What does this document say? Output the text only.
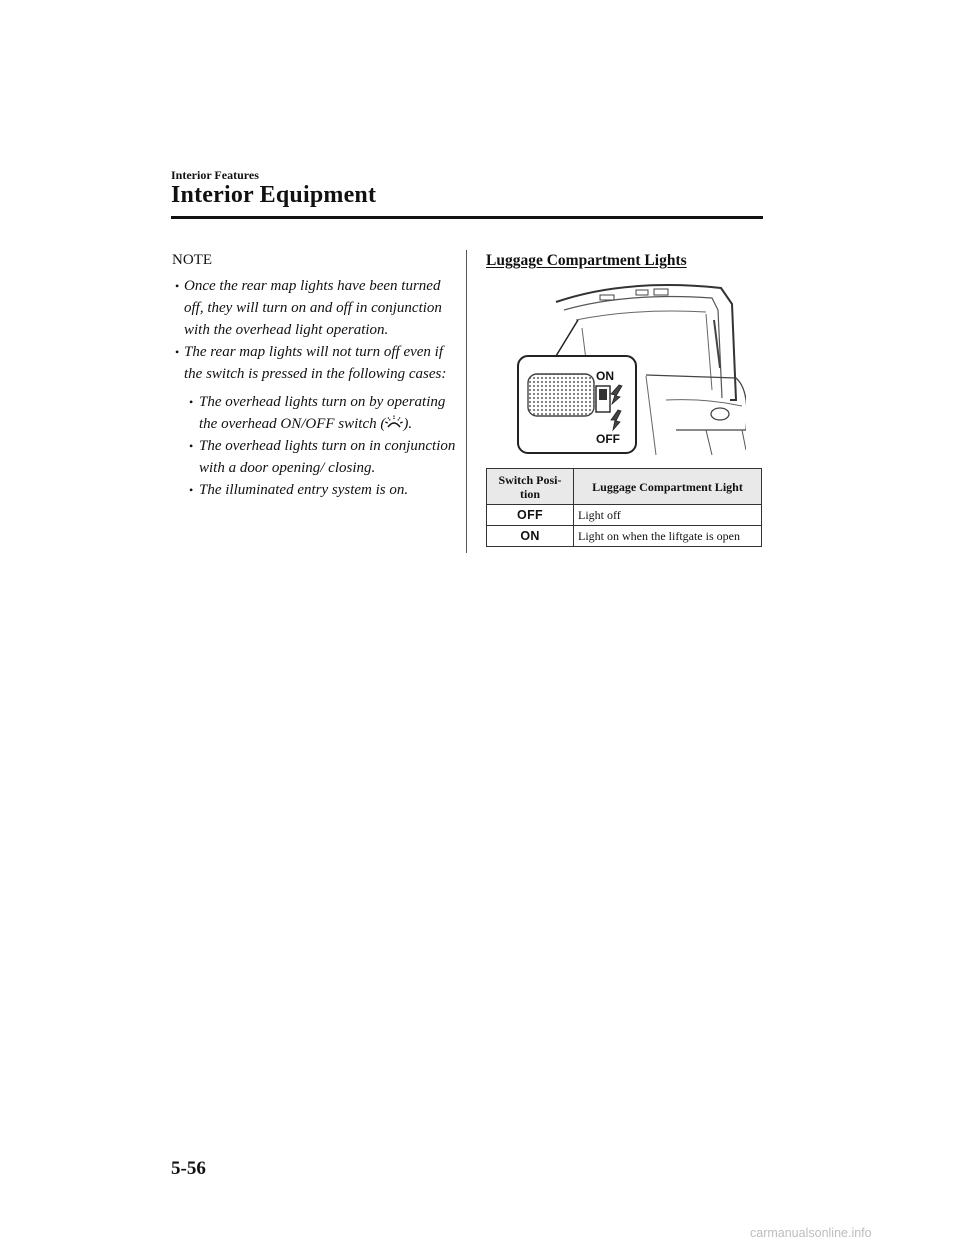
Interior Features
Interior Equipment
NOTE
• Once the rear map lights have been turned off, they will turn on and off in conjunction with the overhead light operation.
• The rear map lights will not turn off even if the switch is pressed in the following cases:
• The overhead lights turn on by operating the overhead ON/OFF switch ( ).
• The overhead lights turn on in conjunction with a door opening/ closing.
• The illuminated entry system is on.
Luggage Compartment Lights
ON
OFF
Switch Posi- tion	Luggage Compartment Light
OFF	Light off
ON	Light on when the liftgate is open
5-56
carmanualsonline.info
